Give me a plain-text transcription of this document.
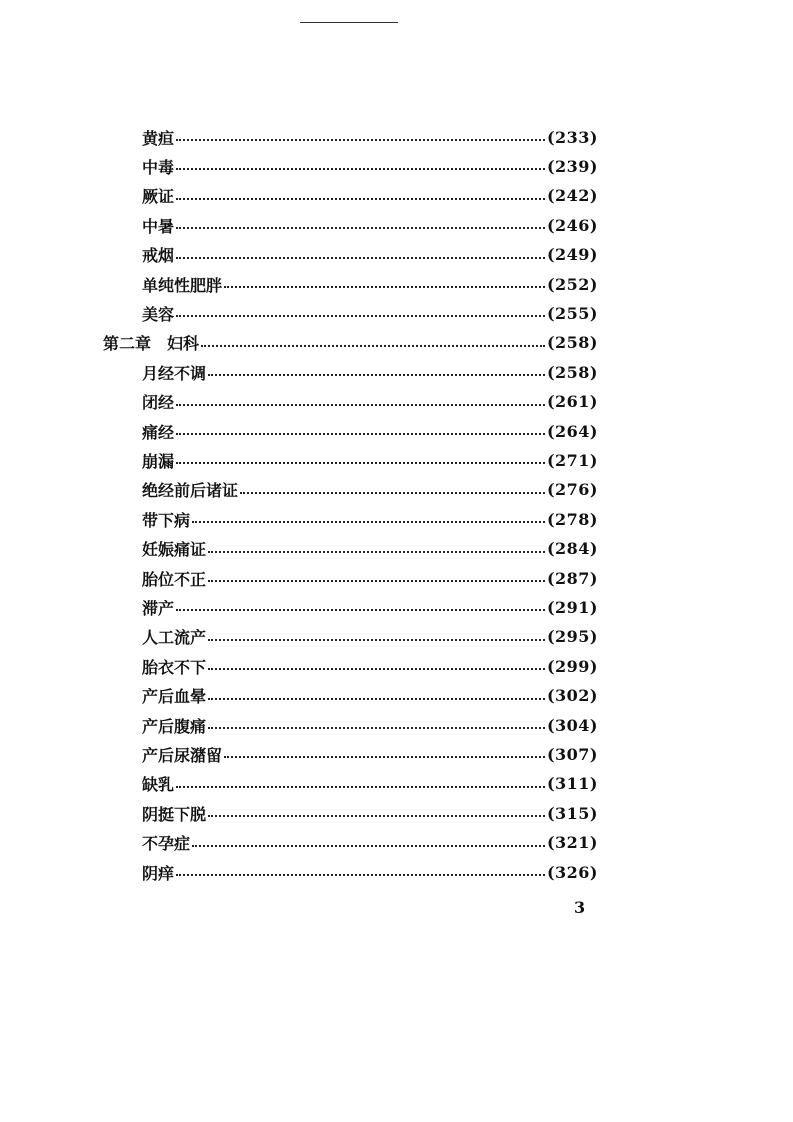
黄疸	(233)
中毒	(239)
厥证	(242)
中暑	(246)
戒烟	(249)
单纯性肥胖	(252)
美容	(255)
第二章　妇科	(258)
月经不调	(258)
闭经	(261)
痛经	(264)
崩漏	(271)
绝经前后诸证	(276)
带下病	(278)
妊娠痛证	(284)
胎位不正	(287)
滞产	(291)
人工流产	(295)
胎衣不下	(299)
产后血晕	(302)
产后腹痛	(304)
产后尿潴留	(307)
缺乳	(311)
阴挺下脱	(315)
不孕症	(321)
阴痒	(326)
3
